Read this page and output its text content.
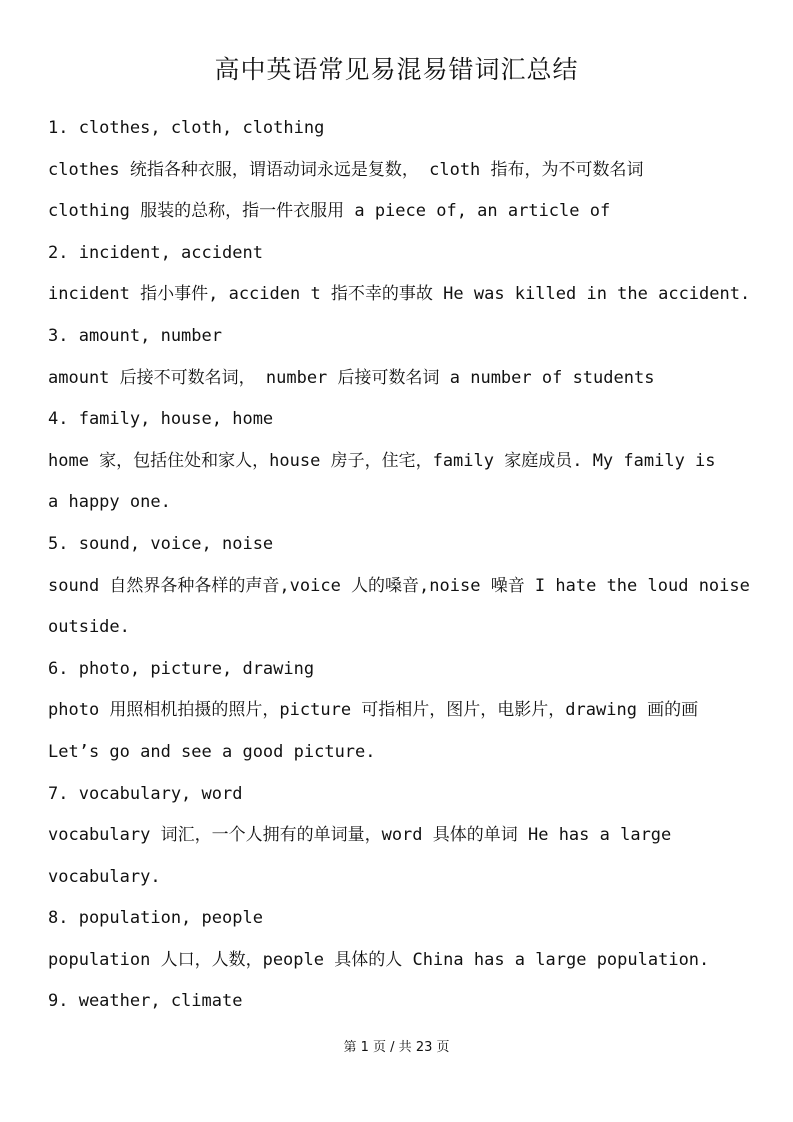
高中英语常见易混易错词汇总结
1. clothes, cloth, clothing
clothes 统指各种衣服，谓语动词永远是复数， cloth 指布，为不可数名词
clothing 服装的总称，指一件衣服用 a piece of, an article of
2. incident, accident
incident 指小事件, acciden t 指不幸的事故 He was killed in the accident.
3. amount, number
amount 后接不可数名词， number 后接可数名词 a number of students
4. family, house, home
home 家，包括住处和家人，house 房子，住宅，family 家庭成员. My family is
a happy one.
5. sound, voice, noise
sound 自然界各种各样的声音,voice 人的嗓音,noise 噪音 I hate the loud noise
outside.
6. photo, picture, drawing
photo 用照相机拍摄的照片，picture 可指相片，图片，电影片，drawing 画的画
Let’s go and see a good picture.
7. vocabulary, word
vocabulary 词汇，一个人拥有的单词量，word 具体的单词 He has a large
vocabulary.
8. population, people
population 人口，人数，people 具体的人 China has a large population.
9. weather, climate
第 1 页 / 共 23 页
